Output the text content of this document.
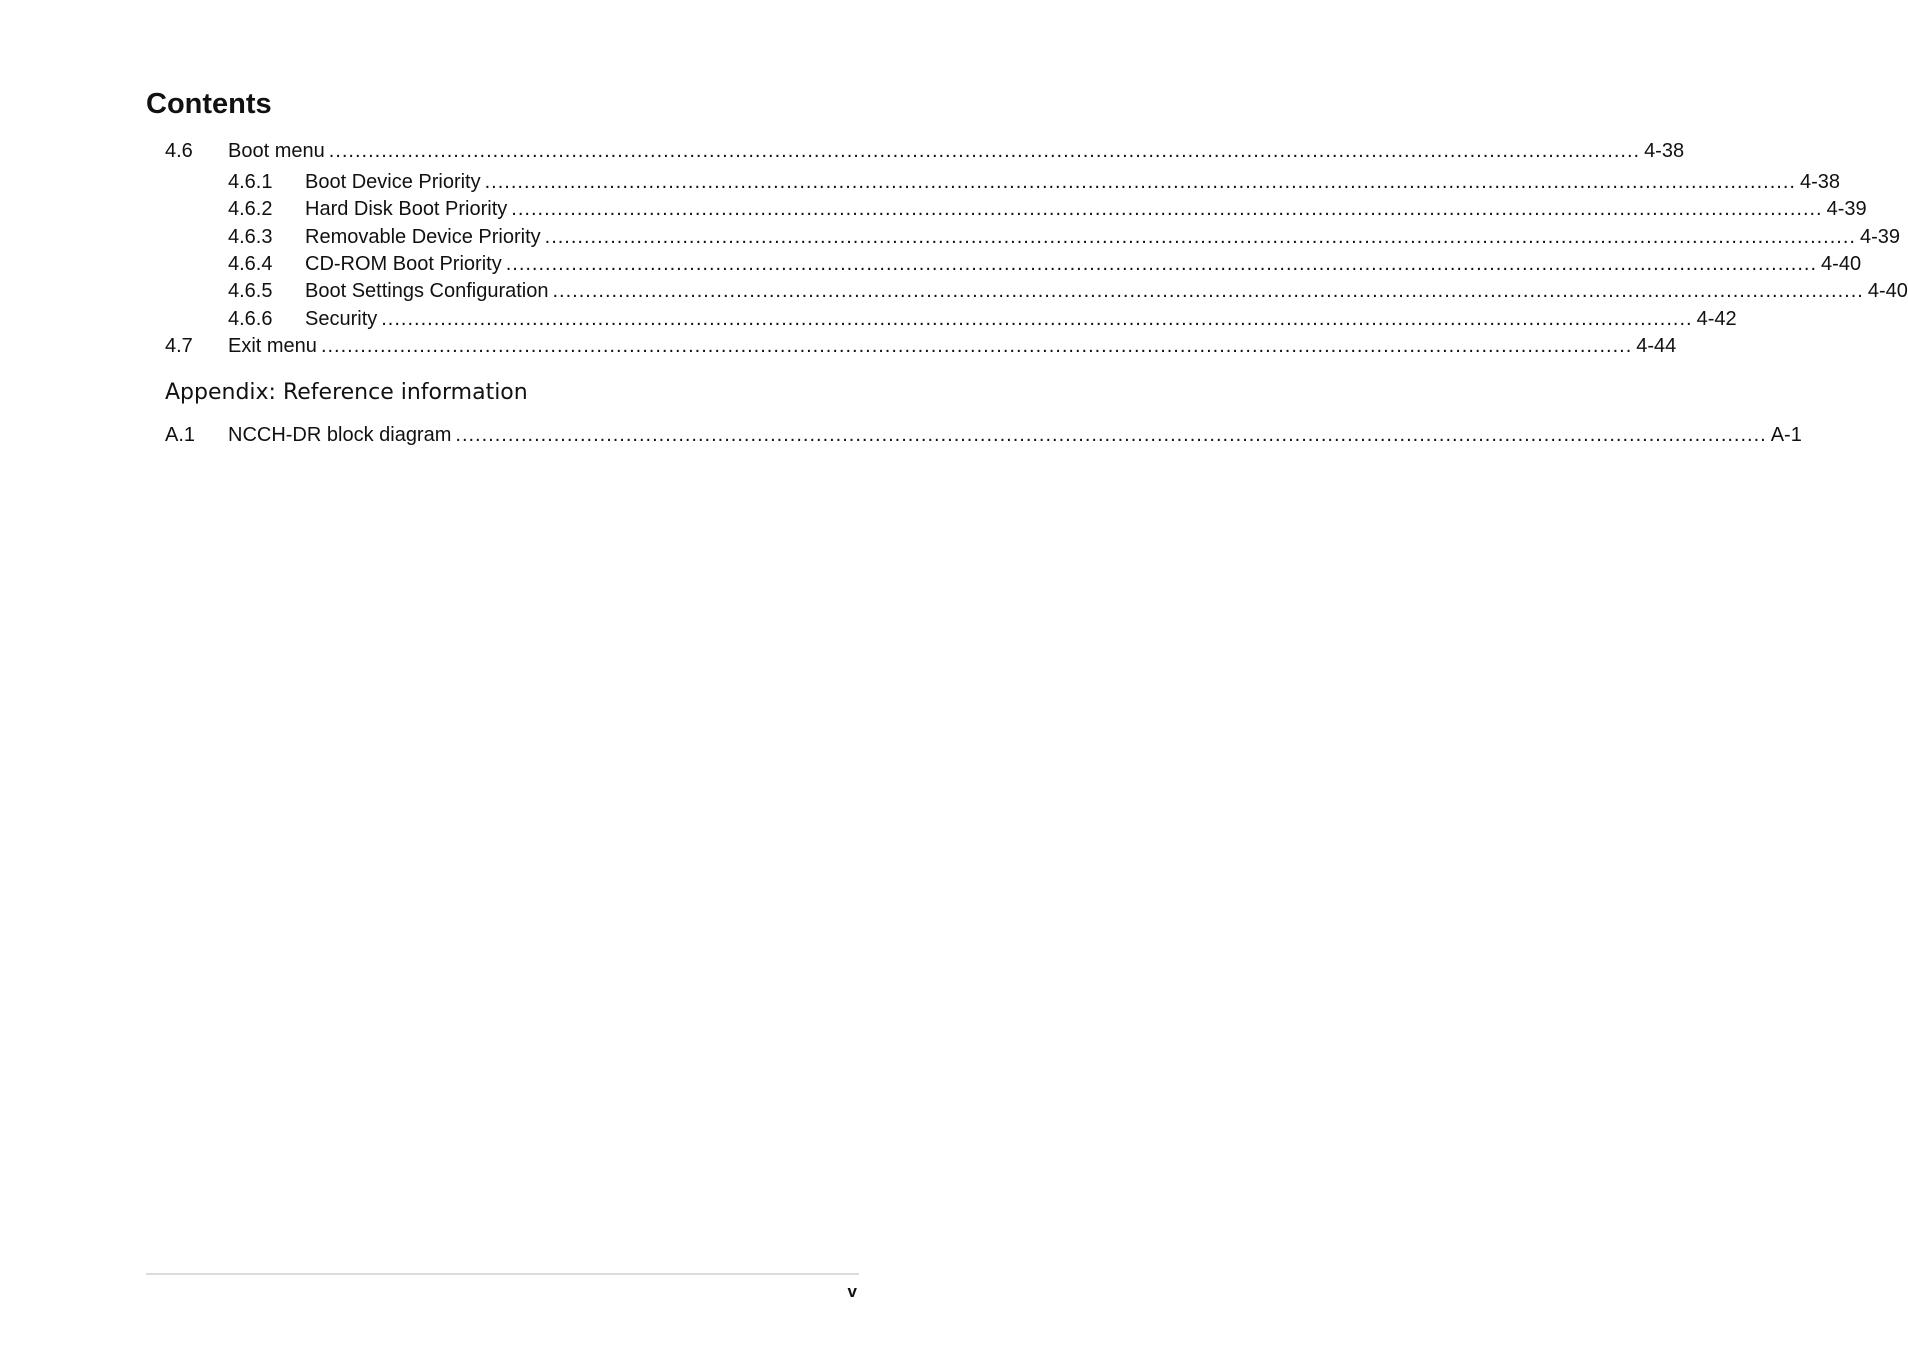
Contents
4.6 Boot menu ........................................................................................................................................................................................................ 4-38
4.6.1 Boot Device Priority ........................................................................................................................................................................................................ 4-38
4.6.2 Hard Disk Boot Priority ........................................................................................................................................................................................................ 4-39
4.6.3 Removable Device Priority ........................................................................................................................................................................................................ 4-39
4.6.4 CD-ROM Boot Priority ........................................................................................................................................................................................................ 4-40
4.6.5 Boot Settings Configuration ........................................................................................................................................................................................................ 4-40
4.6.6 Security ........................................................................................................................................................................................................ 4-42
4.7 Exit menu ........................................................................................................................................................................................................ 4-44
Appendix: Reference information
A.1 NCCH-DR block diagram ........................................................................................................................................................................................................ A-1
v
